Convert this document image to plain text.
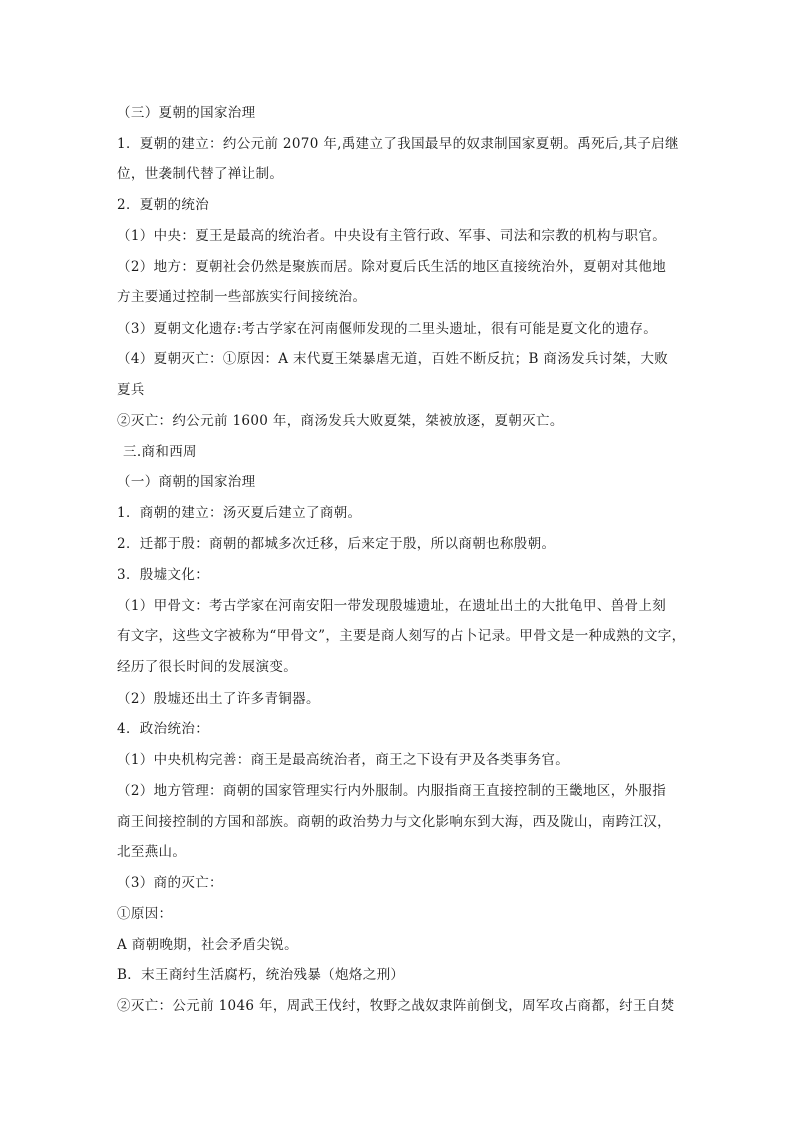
（三）夏朝的国家治理
1．夏朝的建立：约公元前 2070 年,禹建立了我国最早的奴隶制国家夏朝。禹死后,其子启继
位，世袭制代替了禅让制。
2．夏朝的统治
（1）中央：夏王是最高的统治者。中央设有主管行政、军事、司法和宗教的机构与职官。
（2）地方：夏朝社会仍然是聚族而居。除对夏后氏生活的地区直接统治外，夏朝对其他地
方主要通过控制一些部族实行间接统治。
（3）夏朝文化遗存:考古学家在河南偃师发现的二里头遗址，很有可能是夏文化的遗存。
（4）夏朝灭亡：①原因：A 末代夏王桀暴虐无道，百姓不断反抗；B 商汤发兵讨桀，大败
夏兵
②灭亡：约公元前 1600 年，商汤发兵大败夏桀，桀被放逐，夏朝灭亡。
三.商和西周
（一）商朝的国家治理
1．商朝的建立：汤灭夏后建立了商朝。
2．迁都于殷：商朝的都城多次迁移，后来定于殷，所以商朝也称殷朝。
3．殷墟文化：
（1）甲骨文：考古学家在河南安阳一带发现殷墟遗址，在遗址出土的大批龟甲、兽骨上刻
有文字，这些文字被称为“甲骨文”，主要是商人刻写的占卜记录。甲骨文是一种成熟的文字，
经历了很长时间的发展演变。
（2）殷墟还出土了许多青铜器。
4．政治统治：
（1）中央机构完善：商王是最高统治者，商王之下设有尹及各类事务官。
（2）地方管理：商朝的国家管理实行内外服制。内服指商王直接控制的王畿地区，外服指
商王间接控制的方国和部族。商朝的政治势力与文化影响东到大海，西及陇山，南跨江汉，
北至燕山。
（3）商的灭亡：
①原因：
A 商朝晚期，社会矛盾尖锐。
B．末王商纣生活腐朽，统治残暴（炮烙之刑）
②灭亡：公元前 1046 年，周武王伐纣，牧野之战奴隶阵前倒戈，周军攻占商都，纣王自焚
